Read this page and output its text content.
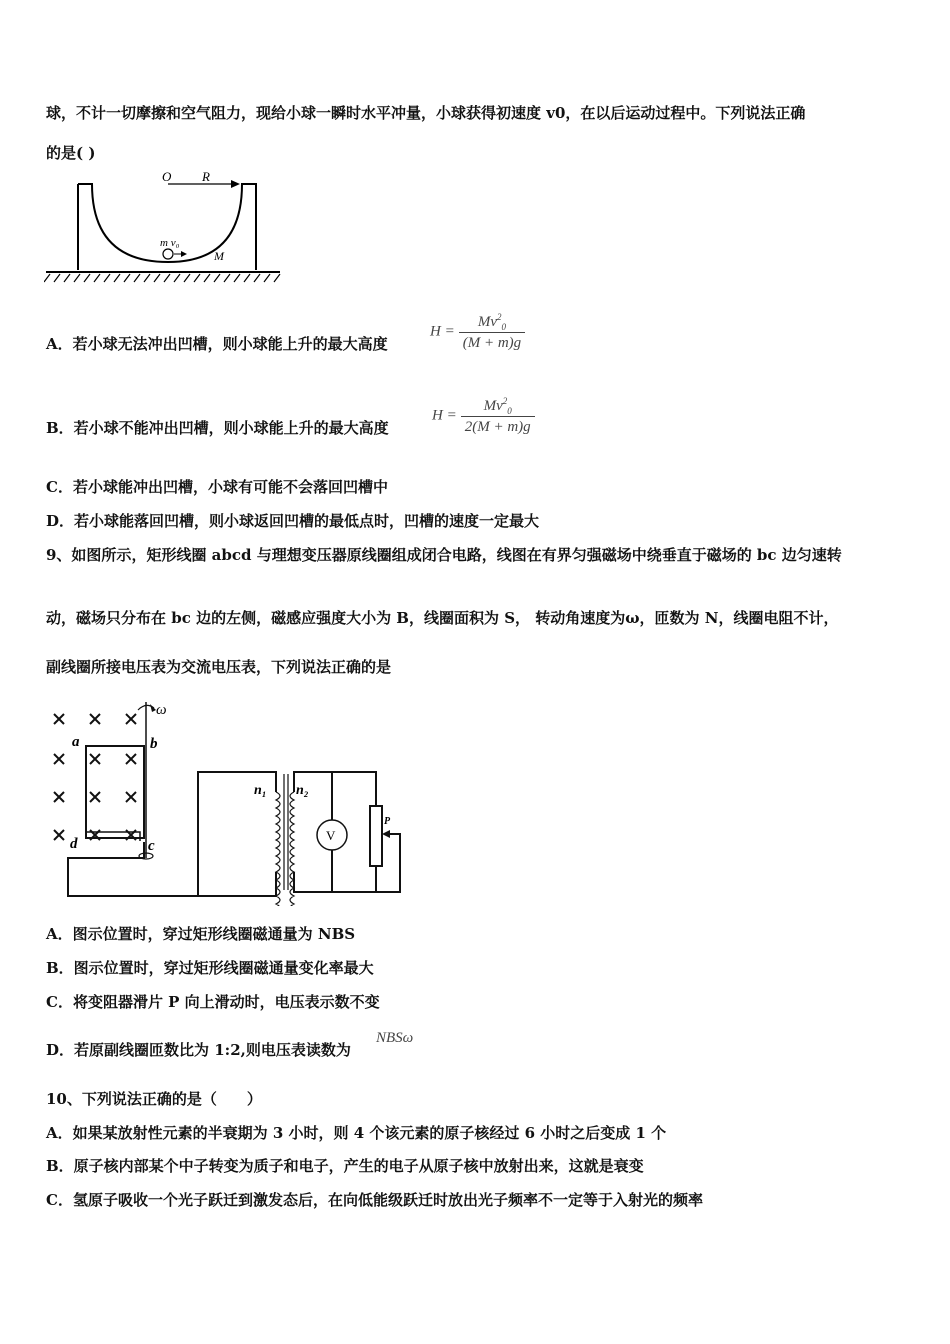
球，不计一切摩擦和空气阻力，现给小球一瞬时水平冲量，小球获得初速度 v0，在以后运动过程中。下列说法正确
的是( )
O R
m v₀
M
A．若小球无法冲出凹槽，则小球能上升的最大高度
$H = \frac{Mv^2_0}{(M + m)g}$
B．若小球不能冲出凹槽，则小球能上升的最大高度
$H = \frac{Mv^2_0}{2(M + m)g}$
C．若小球能冲出凹槽，小球有可能不会落回凹槽中
D．若小球能落回凹槽，则小球返回凹槽的最低点时，凹槽的速度一定最大
9、如图所示，矩形线圈 abcd 与理想变压器原线圈组成闭合电路，线图在有界匀强磁场中绕垂直于磁场的 bc 边匀速转
动，磁场只分布在 bc 边的左侧，磁感应强度大小为 B，线圈面积为 S， 转动角速度为ω，匝数为 N，线圈电阻不计，
副线圈所接电压表为交流电压表，下列说法正确的是
ω
a	b
c
d
n₁ n₂
V
P
A．图示位置时，穿过矩形线圈磁通量为 NBS
B．图示位置时，穿过矩形线圈磁通量变化率最大
C．将变阻器滑片 P 向上滑动时，电压表示数不变
D．若原副线圈匝数比为 1:2,则电压表读数为
NBSω
10、下列说法正确的是（　　）
A．如果某放射性元素的半衰期为 3 小时，则 4 个该元素的原子核经过 6 小时之后变成 1 个
B．原子核内部某个中子转变为质子和电子，产生的电子从原子核中放射出来，这就是衰变
C．氢原子吸收一个光子跃迁到激发态后，在向低能级跃迁时放出光子频率不一定等于入射光的频率
